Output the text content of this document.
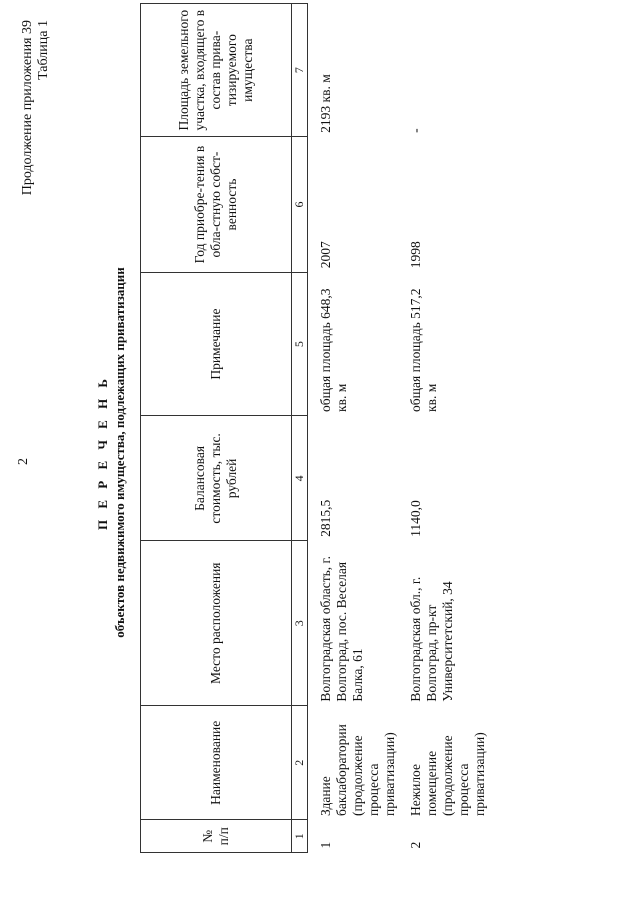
2
Продолжение приложения 39 Таблица 1
П Е Р Е Ч Е Н Ь объектов недвижимого имущества, подлежащих приватизации
№ п/п	Наименование	Место расположения	Балансовая стоимость, тыс. рублей	Примечание	Год приобре-тения в обла-стную собст-венность	Площадь земельного участка, входящего в состав прива-тизируемого имущества
1	2	3	4	5	6	7
1	Здание баклаборатории (продолжение процесса приватизации)	Волгоградская область, г. Волгоград, пос. Веселая Балка, 61	2815,5	общая площадь 648,3 кв. м	2007	2193 кв. м
2	Нежилое помещение (продолжение процесса приватизации)	Волгоградская обл., г. Волгоград, пр-кт Университетский, 34	1140,0	общая площадь 517,2 кв. м	1998	-
